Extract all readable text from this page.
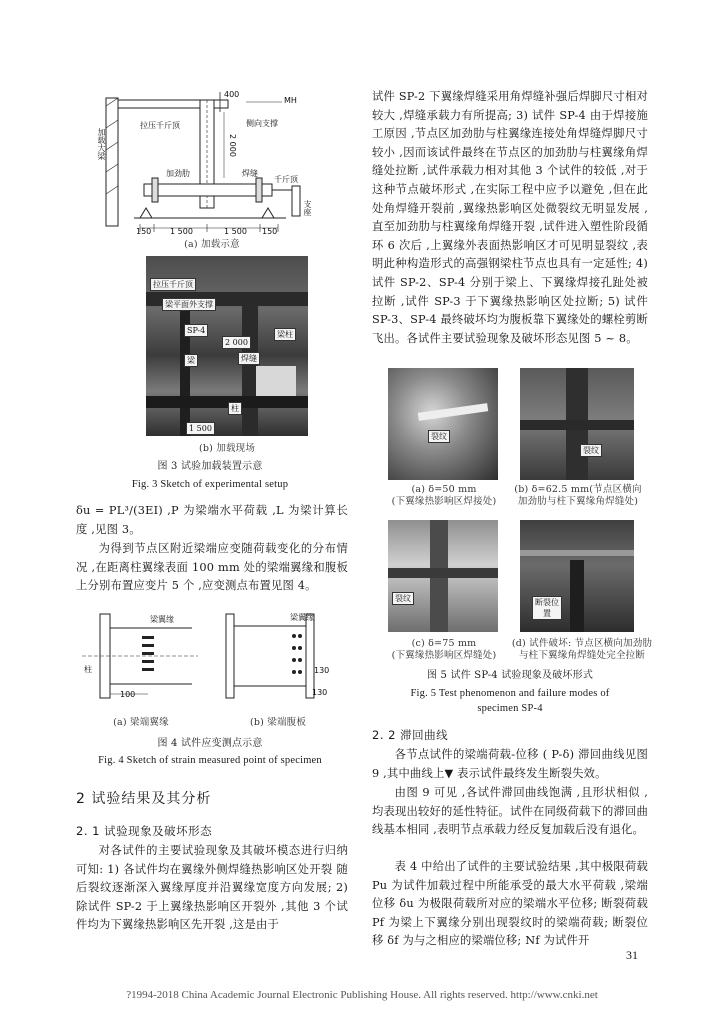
加载大梁
拉压千斤顶	侧向支撑
加劲肋	焊缝
千斤顶
支座
2 000
400
MH
150 1 500	1 500 150
(a) 加载示意
拉压千斤顶
梁平面外支撑
SP-4
梁
梁柱
焊缝
2 000
柱
1 500
(b) 加载现场
图 3 试验加载装置示意
Fig. 3 Sketch of experimental setup
δu = PL³/(3EI) ,P 为梁端水平荷载 ,L 为梁计算长度 ,见图 3。
为得到节点区附近梁端应变随荷载变化的分布情况 ,在距离柱翼缘表面 100 mm 处的梁端翼缘和腹板上分别布置应变片 5 个 ,应变测点布置见图 4。
梁翼缘
柱
100
梁翼缘
130
130
(a) 梁端翼缘	(b) 梁端腹板
图 4 试件应变测点示意
Fig. 4 Sketch of strain measured point of specimen
2 试验结果及其分析
2. 1 试验现象及破坏形态
对各试件的主要试验现象及其破坏模态进行归纳可知: 1) 各试件均在翼缘外侧焊缝热影响区处开裂 随后裂纹逐渐深入翼缘厚度并沿翼缘宽度方向发展; 2) 除试件 SP-2 于上翼缘热影响区开裂外 ,其他 3 个试件均为下翼缘热影响区先开裂 ,这是由于
试件 SP-2 下翼缘焊缝采用角焊缝补强后焊脚尺寸相对较大 ,焊缝承载力有所提高; 3) 试件 SP-4 由于焊接施工原因 ,节点区加劲肋与柱翼缘连接处角焊缝焊脚尺寸较小 ,因而该试件最终在节点区的加劲肋与柱翼缘角焊缝处拉断 ,试件承载力相对其他 3 个试件的较低 ,对于这种节点破坏形式 ,在实际工程中应予以避免 ,但在此处角焊缝开裂前 ,翼缘热影响区处微裂纹无明显发展 ,直至加劲肋与柱翼缘角焊缝开裂 ,试件进入塑性阶段循环 6 次后 ,上翼缘外表面热影响区才可见明显裂纹 ,表明此种构造形式的高强钢梁柱节点也具有一定延性; 4) 试件 SP-2、SP-4 分别于梁上、下翼缘焊接孔趾处被拉断 ,试件 SP-3 于下翼缘热影响区处拉断; 5) 试件 SP-3、SP-4 最终破坏均为腹板靠下翼缘处的螺栓剪断飞出。各试件主要试验现象及破坏形态见图 5 ~ 8。
裂纹
裂纹
(a) δ=50 mm
(下翼缘热影响区焊接处)
(b) δ=62.5 mm(节点区横向
加劲肋与柱下翼缘角焊缝处)
裂纹	断裂位置
(c) δ=75 mm
(下翼缘热影响区焊缝处)
(d) 试件破坏: 节点区横向加劲肋
与柱下翼缘角焊缝处完全拉断
图 5 试件 SP-4 试验现象及破坏形式
Fig. 5 Test phenomenon and failure modes of specimen SP-4
2. 2 滞回曲线
各节点试件的梁端荷载-位移 ( P-δ) 滞回曲线见图 9 ,其中曲线上▼ 表示试件最终发生断裂失效。
由图 9 可见 ,各试件滞回曲线饱满 ,且形状相似 ,均表现出较好的延性特征。试件在同级荷载下的滞回曲线基本相同 ,表明节点承载力经反复加载后没有退化。
表 4 中给出了试件的主要试验结果 ,其中极限荷载 Pu 为试件加载过程中所能承受的最大水平荷载 ,梁端位移 δu 为极限荷载所对应的梁端水平位移; 断裂荷载 Pf 为梁上下翼缘分别出现裂纹时的梁端荷载; 断裂位移 δf 为与之相应的梁端位移; Nf 为试件开
31
?1994-2018 China Academic Journal Electronic Publishing House. All rights reserved. http://www.cnki.net
